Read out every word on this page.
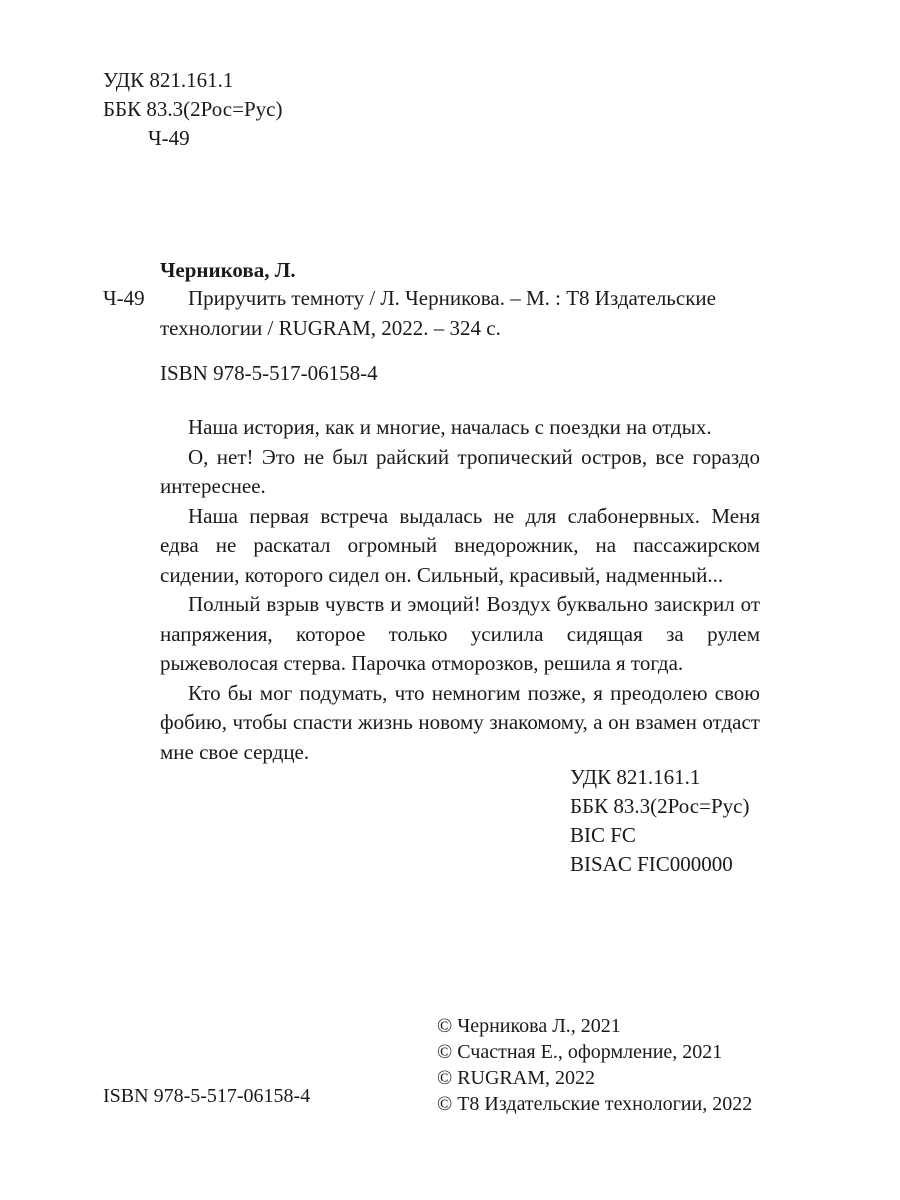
УДК 821.161.1
ББК 83.3(2Рос=Рус)
Ч-49
Черникова, Л.
Ч-49	Приручить темноту / Л. Черникова. – М. : Т8 Издательские
технологии / RUGRAM, 2022. – 324 с.
ISBN 978-5-517-06158-4

Наша история, как и многие, началась с поездки на отдых.

О, нет! Это не был райский тропический остров, все гораздо интереснее.

Наша первая встреча выдалась не для слабонервных. Меня едва не раскатал огромный внедорожник, на пассажирском сидении, которого сидел он. Сильный, красивый, надменный...

Полный взрыв чувств и эмоций! Воздух буквально заискрил от напряжения, которое только усилила сидящая за рулем рыжеволосая стерва. Парочка отморозков, решила я тогда.

Кто бы мог подумать, что немногим позже, я преодолею свою фобию, чтобы спасти жизнь новому знакомому, а он взамен отдаст мне свое сердце.

УДК 821.161.1
ББК 83.3(2Рос=Рус)
BIC FC
BISAC FIC000000
© Черникова Л., 2021
© Счастная Е., оформление, 2021
© RUGRAM, 2022
© Т8 Издательские технологии, 2022
ISBN 978-5-517-06158-4
